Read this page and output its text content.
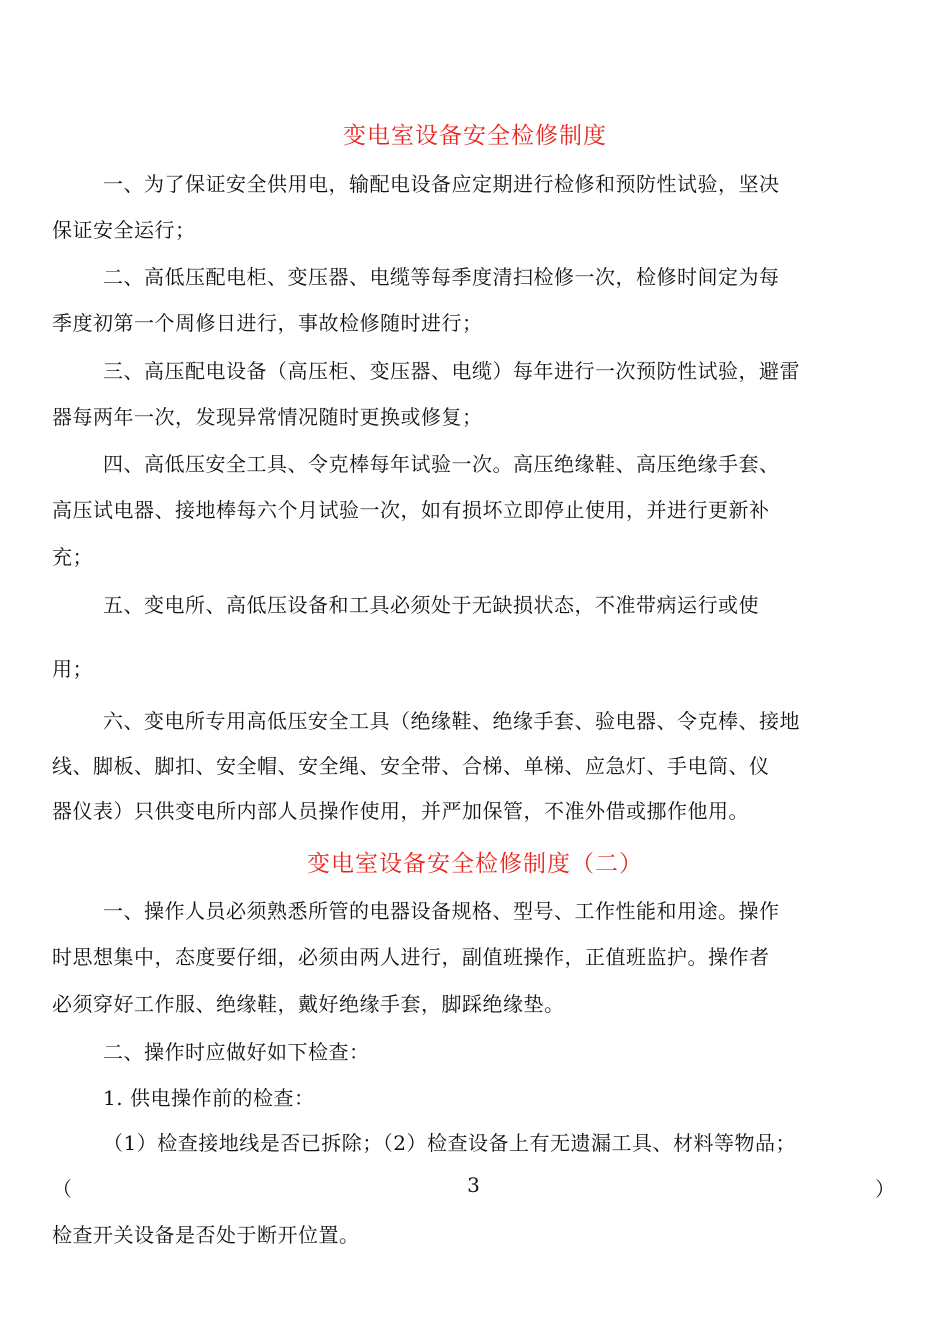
变电室设备安全检修制度
一、为了保证安全供用电，输配电设备应定期进行检修和预防性试验，坚决
保证安全运行；
二、高低压配电柜、变压器、电缆等每季度清扫检修一次，检修时间定为每
季度初第一个周修日进行，事故检修随时进行；
三、高压配电设备（高压柜、变压器、电缆）每年进行一次预防性试验，避雷
器每两年一次，发现异常情况随时更换或修复；
四、高低压安全工具、令克棒每年试验一次。高压绝缘鞋、高压绝缘手套、
高压试电器、接地棒每六个月试验一次，如有损坏立即停止使用，并进行更新补
充；
五、变电所、高低压设备和工具必须处于无缺损状态，不准带病运行或使
用；
六、变电所专用高低压安全工具（绝缘鞋、绝缘手套、验电器、令克棒、接地
线、脚板、脚扣、安全帽、安全绳、安全带、合梯、单梯、应急灯、手电筒、仪
器仪表）只供变电所内部人员操作使用，并严加保管，不准外借或挪作他用。
变电室设备安全检修制度（二）
一、操作人员必须熟悉所管的电器设备规格、型号、工作性能和用途。操作
时思想集中，态度要仔细，必须由两人进行，副值班操作，正值班监护。操作者
必须穿好工作服、绝缘鞋，戴好绝缘手套，脚踩绝缘垫。
二、操作时应做好如下检查：
1. 供电操作前的检查：
（1）检查接地线是否已拆除；（2）检查设备上有无遗漏工具、材料等物品；
（	3	）
检查开关设备是否处于断开位置。
